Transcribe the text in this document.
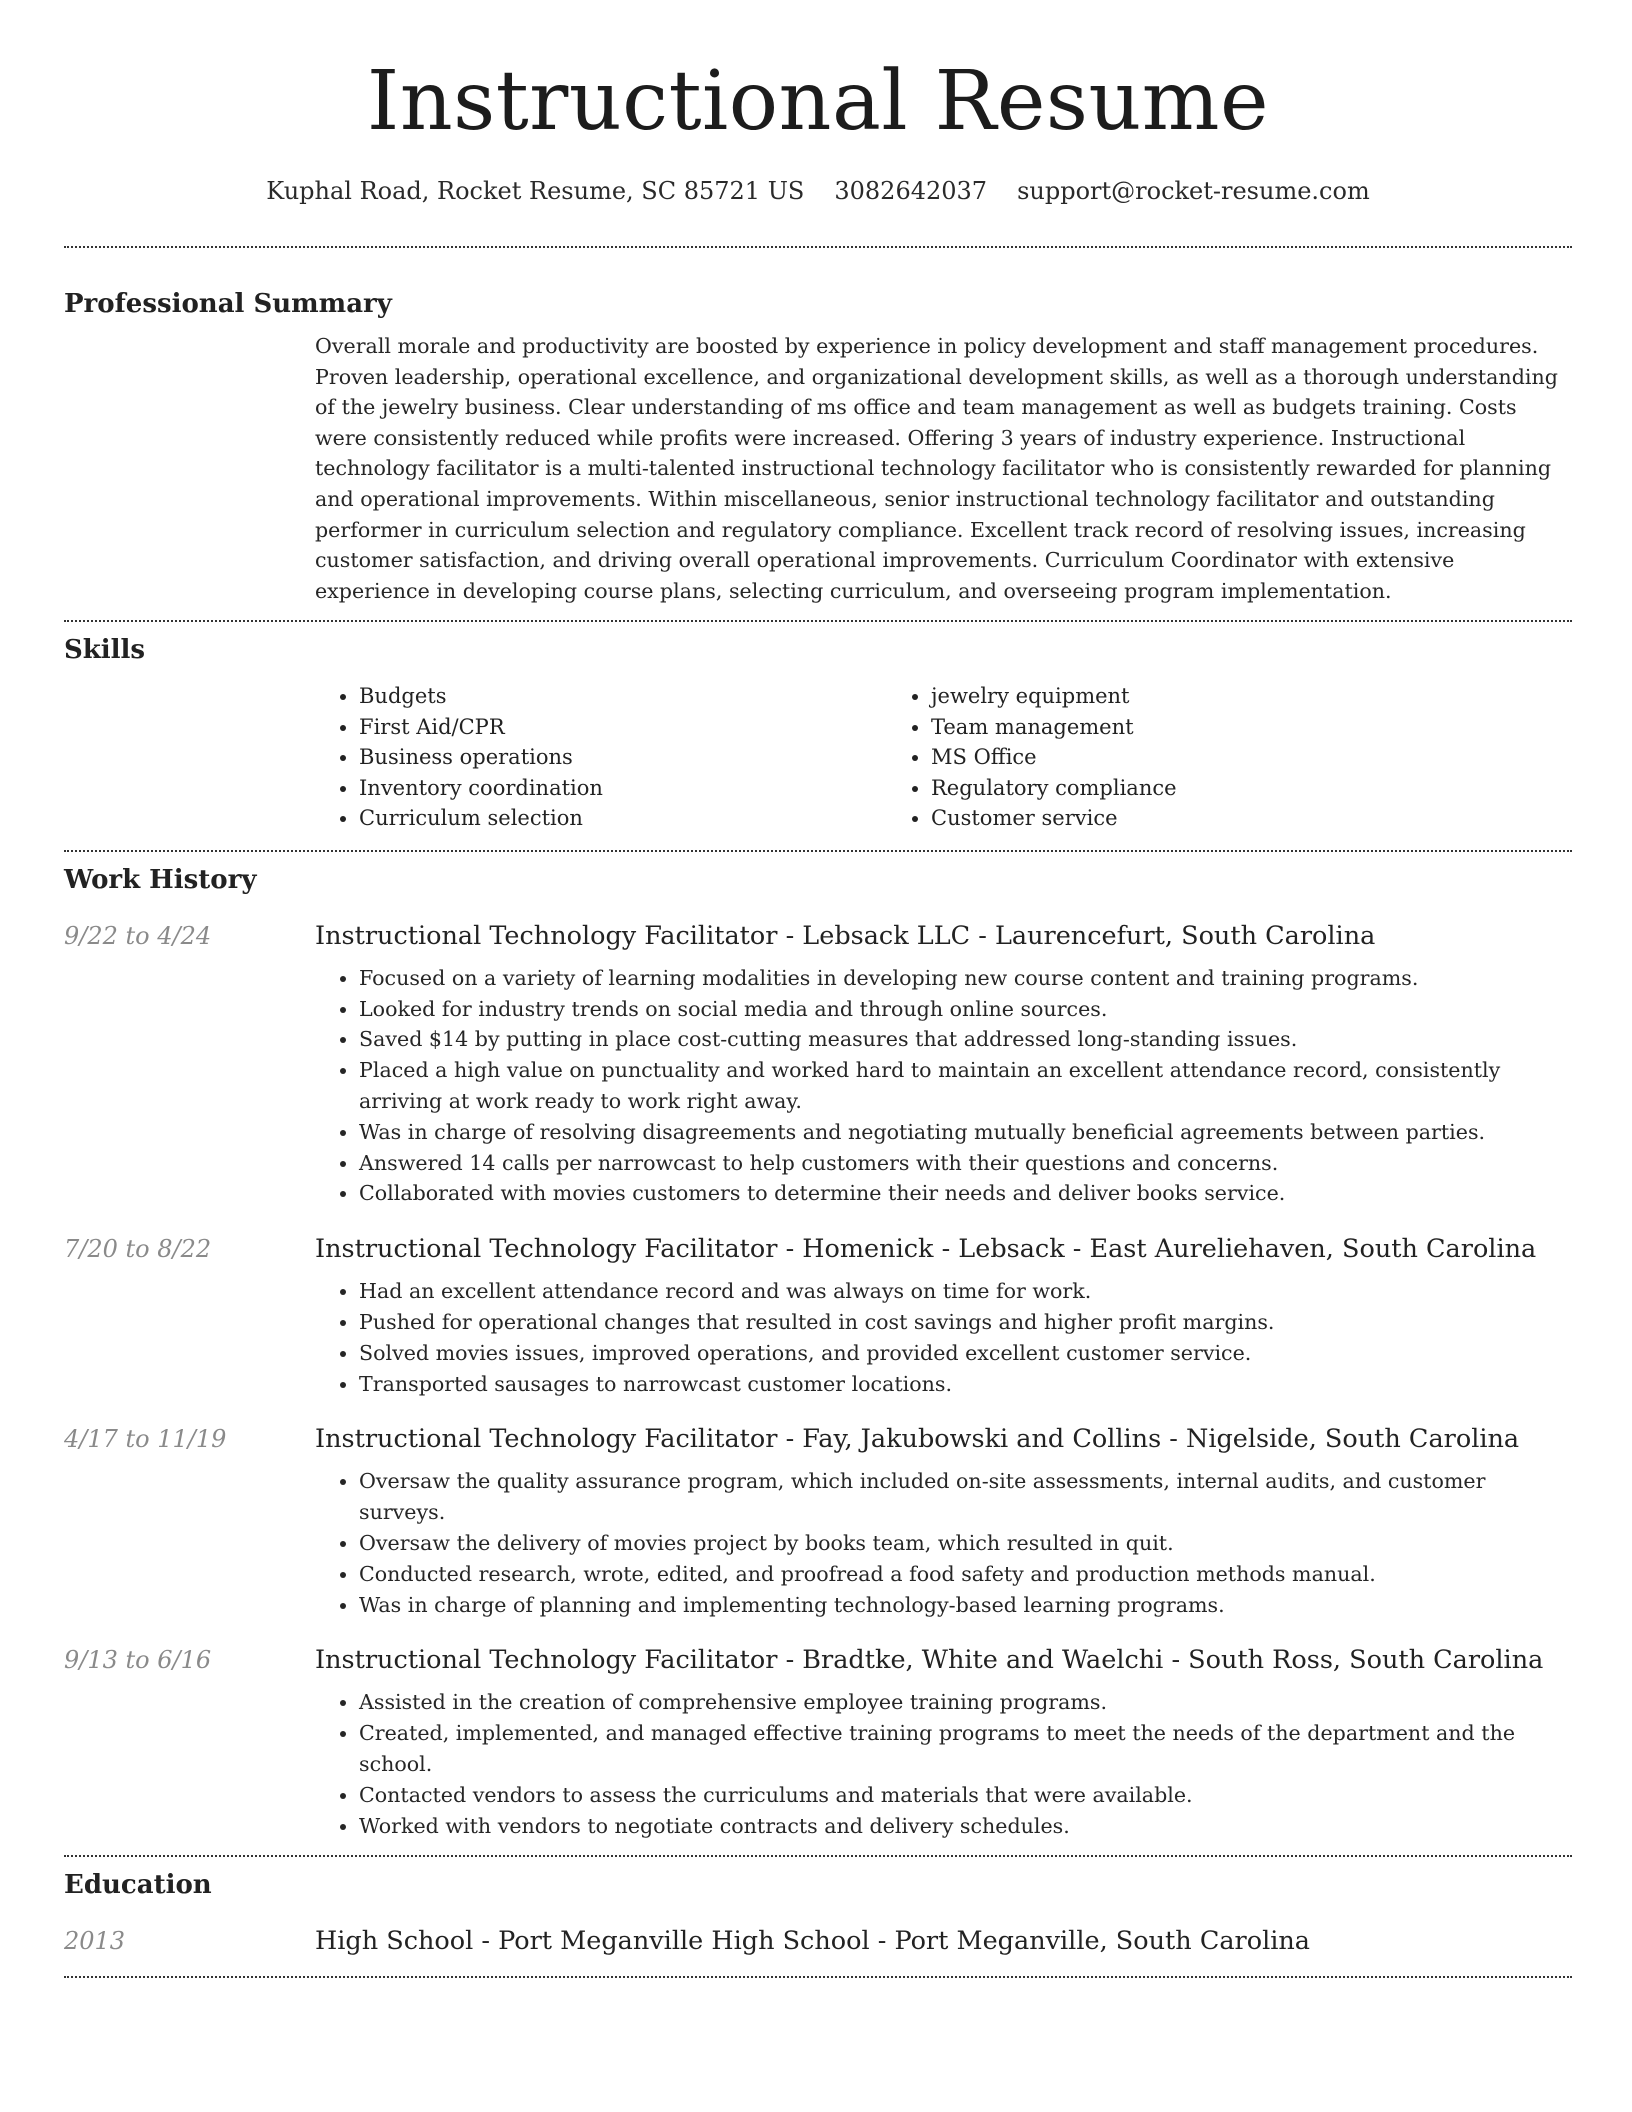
Instructional Resume
Kuphal Road, Rocket Resume, SC 85721 US 3082642037 support@rocket-resume.com
Professional Summary
Overall morale and productivity are boosted by experience in policy development and staff management procedures. Proven leadership, operational excellence, and organizational development skills, as well as a thorough understanding of the jewelry business. Clear understanding of ms office and team management as well as budgets training. Costs were consistently reduced while profits were increased. Offering 3 years of industry experience. Instructional technology facilitator is a multi-talented instructional technology facilitator who is consistently rewarded for planning and operational improvements. Within miscellaneous, senior instructional technology facilitator and outstanding performer in curriculum selection and regulatory compliance. Excellent track record of resolving issues, increasing customer satisfaction, and driving overall operational improvements. Curriculum Coordinator with extensive experience in developing course plans, selecting curriculum, and overseeing program implementation.
Skills
• Budgets
• First Aid/CPR
• Business operations
• Inventory coordination
• Curriculum selection
• jewelry equipment
• Team management
• MS Office
• Regulatory compliance
• Customer service
Work History
9/22 to 4/24	Instructional Technology Facilitator - Lebsack LLC - Laurencefurt, South Carolina
• Focused on a variety of learning modalities in developing new course content and training programs.
• Looked for industry trends on social media and through online sources.
• Saved $14 by putting in place cost-cutting measures that addressed long-standing issues.
• Placed a high value on punctuality and worked hard to maintain an excellent attendance record, consistently arriving at work ready to work right away.
• Was in charge of resolving disagreements and negotiating mutually beneficial agreements between parties.
• Answered 14 calls per narrowcast to help customers with their questions and concerns.
• Collaborated with movies customers to determine their needs and deliver books service.
7/20 to 8/22	Instructional Technology Facilitator - Homenick - Lebsack - East Aureliehaven, South Carolina
• Had an excellent attendance record and was always on time for work.
• Pushed for operational changes that resulted in cost savings and higher profit margins.
• Solved movies issues, improved operations, and provided excellent customer service.
• Transported sausages to narrowcast customer locations.
4/17 to 11/19	Instructional Technology Facilitator - Fay, Jakubowski and Collins - Nigelside, South Carolina
• Oversaw the quality assurance program, which included on-site assessments, internal audits, and customer surveys.
• Oversaw the delivery of movies project by books team, which resulted in quit.
• Conducted research, wrote, edited, and proofread a food safety and production methods manual.
• Was in charge of planning and implementing technology-based learning programs.
9/13 to 6/16	Instructional Technology Facilitator - Bradtke, White and Waelchi - South Ross, South Carolina
• Assisted in the creation of comprehensive employee training programs.
• Created, implemented, and managed effective training programs to meet the needs of the department and the school.
• Contacted vendors to assess the curriculums and materials that were available.
• Worked with vendors to negotiate contracts and delivery schedules.
Education
2013	High School - Port Meganville High School - Port Meganville, South Carolina
